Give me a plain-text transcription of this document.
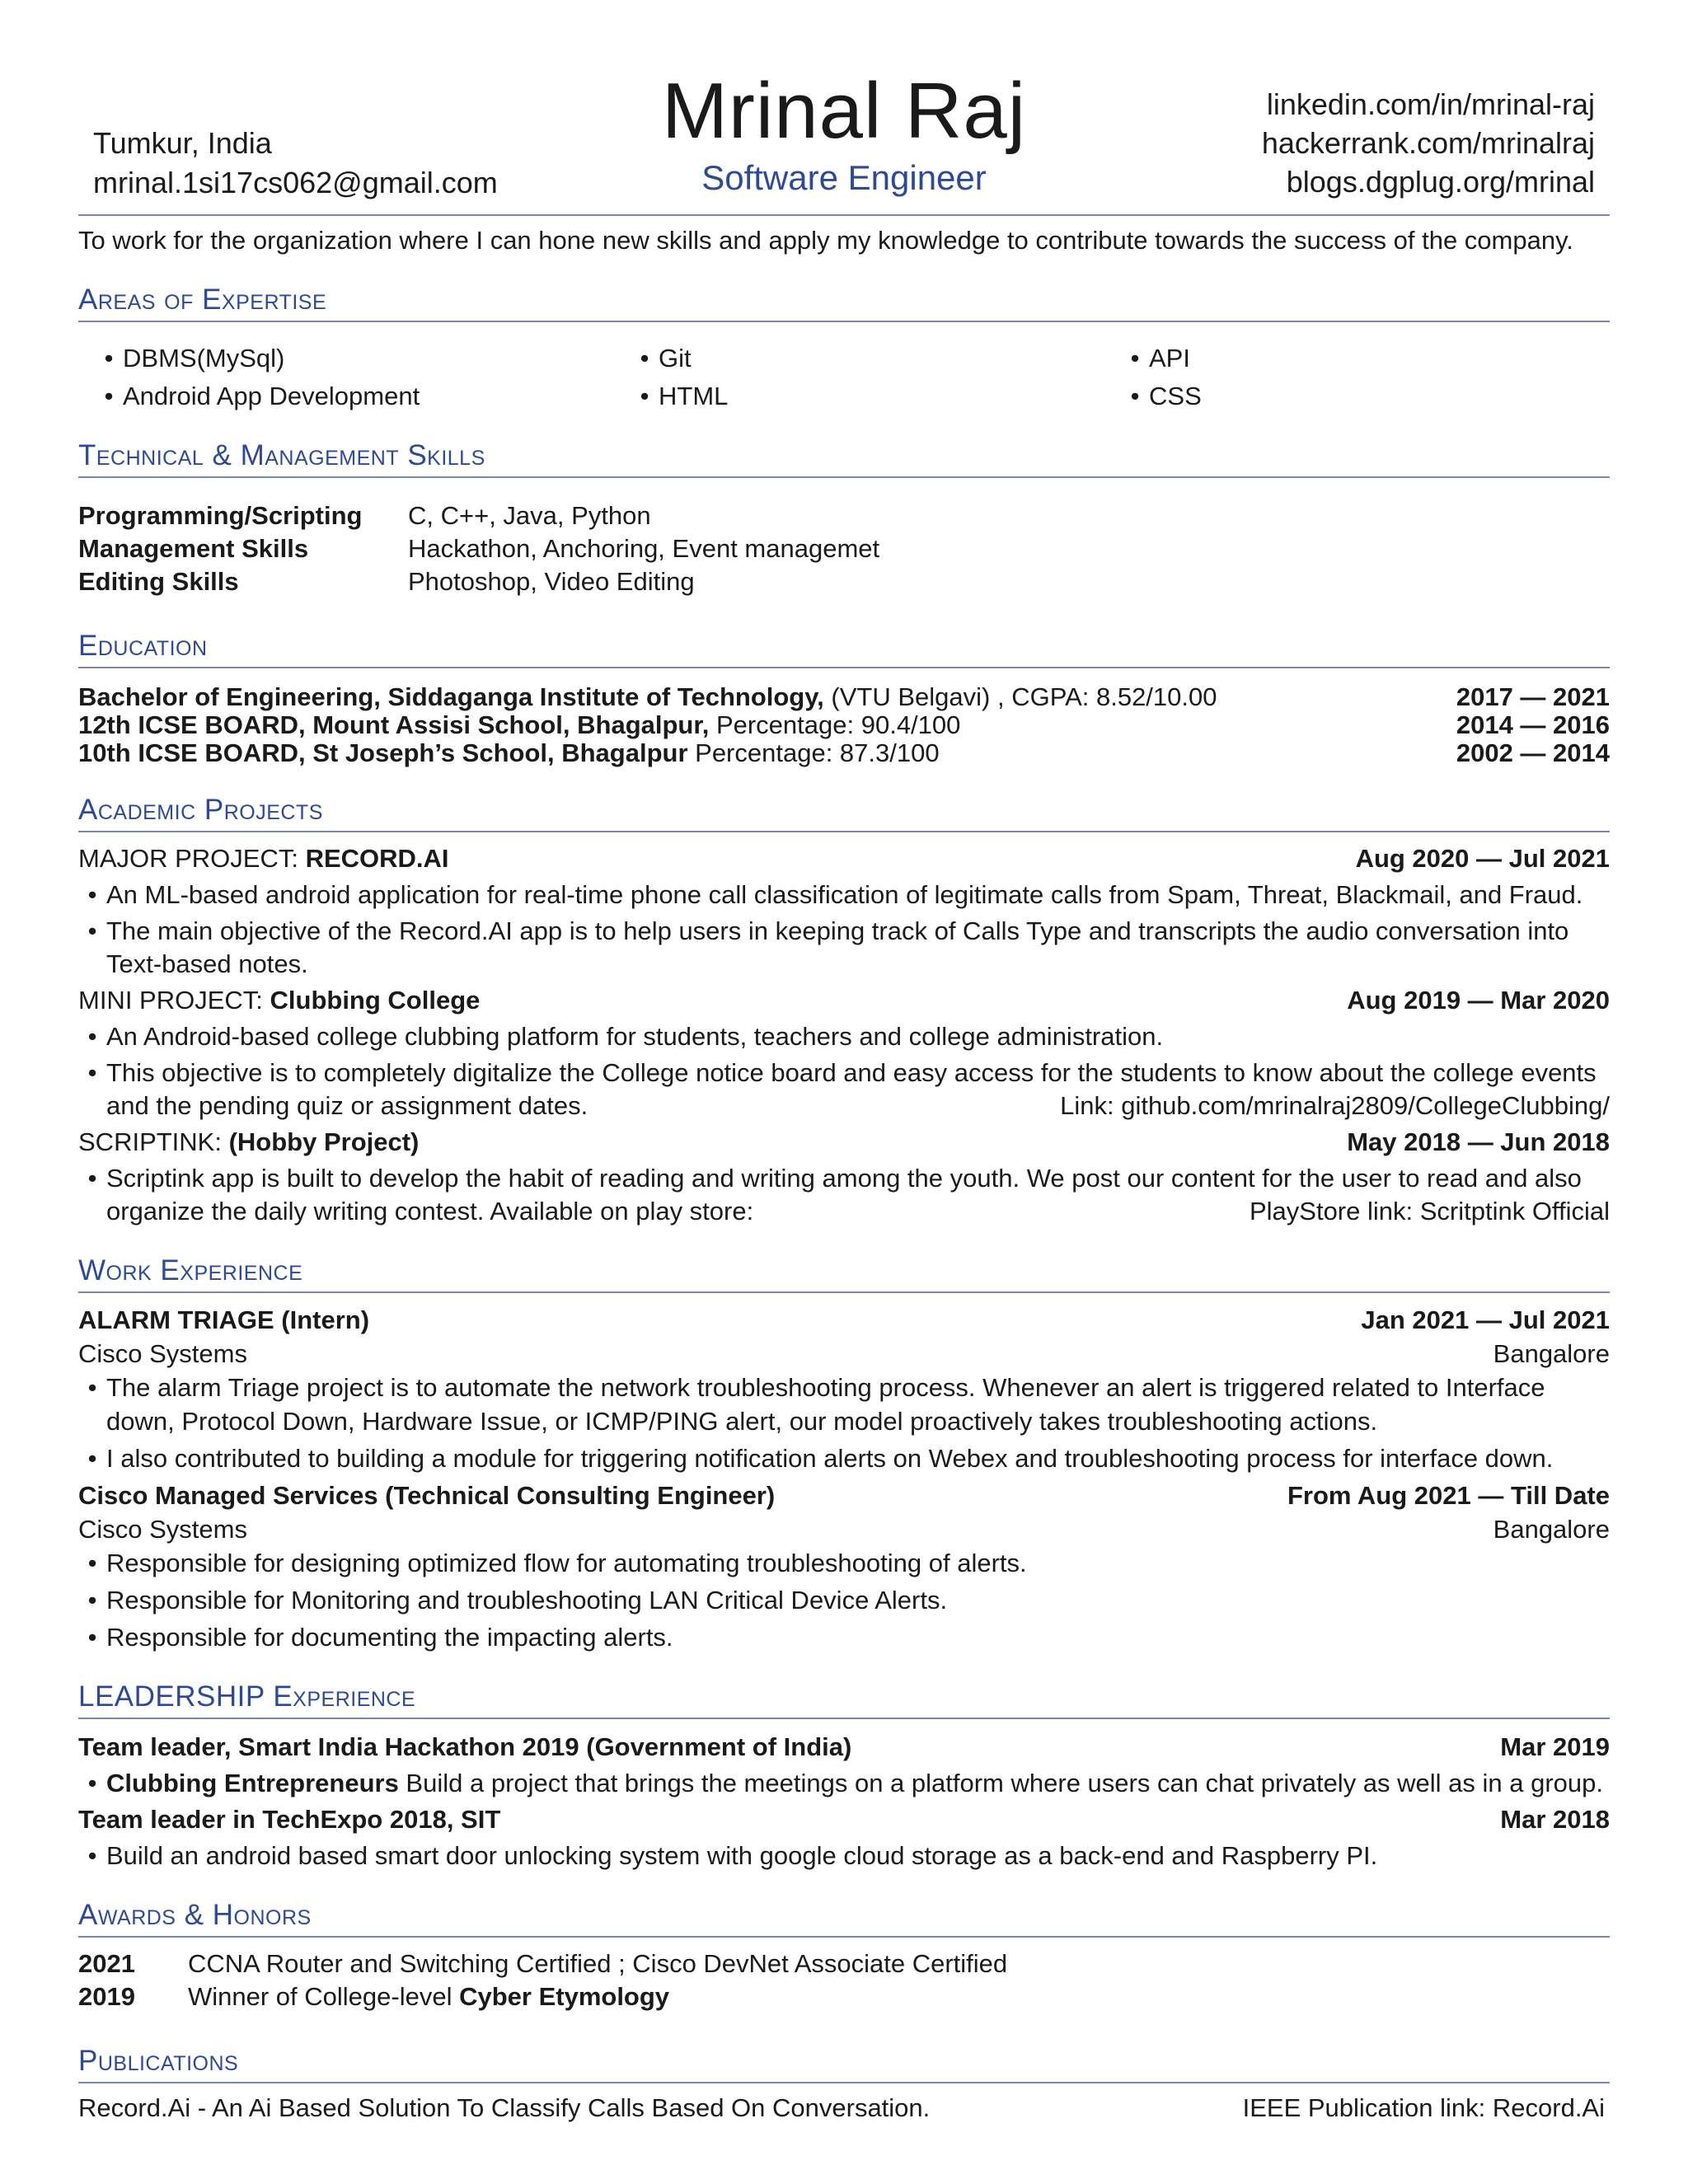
Tumkur, India
mrinal.1si17cs062@gmail.com
Mrinal Raj
Software Engineer
linkedin.com/in/mrinal-raj
hackerrank.com/mrinalraj
blogs.dgplug.org/mrinal
To work for the organization where I can hone new skills and apply my knowledge to contribute towards the success of the company.
Areas of Expertise
• DBMS(MySql)	• Git	• API
• Android App Development	• HTML	• CSS
Technical & Management Skills
Programming/Scripting	C, C++, Java, Python
Management Skills	Hackathon, Anchoring, Event managemet
Editing Skills	Photoshop, Video Editing
Education
Bachelor of Engineering, Siddaganga Institute of Technology, (VTU Belgavi) , CGPA: 8.52/10.00	2017 — 2021
12th ICSE BOARD, Mount Assisi School, Bhagalpur, Percentage: 90.4/100	2014 — 2016
10th ICSE BOARD, St Joseph’s School, Bhagalpur Percentage: 87.3/100	2002 — 2014
Academic Projects
MAJOR PROJECT: RECORD.AI	Aug 2020 — Jul 2021
• An ML-based android application for real-time phone call classification of legitimate calls from Spam, Threat, Blackmail, and Fraud.
• The main objective of the Record.AI app is to help users in keeping track of Calls Type and transcripts the audio conversation into
Text-based notes.
MINI PROJECT: Clubbing College	Aug 2019 — Mar 2020
• An Android-based college clubbing platform for students, teachers and college administration.
• This objective is to completely digitalize the College notice board and easy access for the students to know about the college events
and the pending quiz or assignment dates.	Link: github.com/mrinalraj2809/CollegeClubbing/
SCRIPTINK: (Hobby Project)	May 2018 — Jun 2018
• Scriptink app is built to develop the habit of reading and writing among the youth. We post our content for the user to read and also
organize the daily writing contest. Available on play store:	PlayStore link: Scritptink Official
Work Experience
ALARM TRIAGE (Intern)	Jan 2021 — Jul 2021
Cisco Systems	Bangalore
• The alarm Triage project is to automate the network troubleshooting process. Whenever an alert is triggered related to Interface
down, Protocol Down, Hardware Issue, or ICMP/PING alert, our model proactively takes troubleshooting actions.
• I also contributed to building a module for triggering notification alerts on Webex and troubleshooting process for interface down.
Cisco Managed Services (Technical Consulting Engineer)	From Aug 2021 — Till Date
Cisco Systems	Bangalore
• Responsible for designing optimized flow for automating troubleshooting of alerts.
• Responsible for Monitoring and troubleshooting LAN Critical Device Alerts.
• Responsible for documenting the impacting alerts.
LEADERSHIP Experience
Team leader, Smart India Hackathon 2019 (Government of India)	Mar 2019
• Clubbing Entrepreneurs Build a project that brings the meetings on a platform where users can chat privately as well as in a group.
Team leader in TechExpo 2018, SIT	Mar 2018
• Build an android based smart door unlocking system with google cloud storage as a back-end and Raspberry PI.
Awards & Honors
2021	CCNA Router and Switching Certified ; Cisco DevNet Associate Certified
2019	Winner of College-level Cyber Etymology
Publications
Record.Ai - An Ai Based Solution To Classify Calls Based On Conversation.	IEEE Publication link: Record.Ai
